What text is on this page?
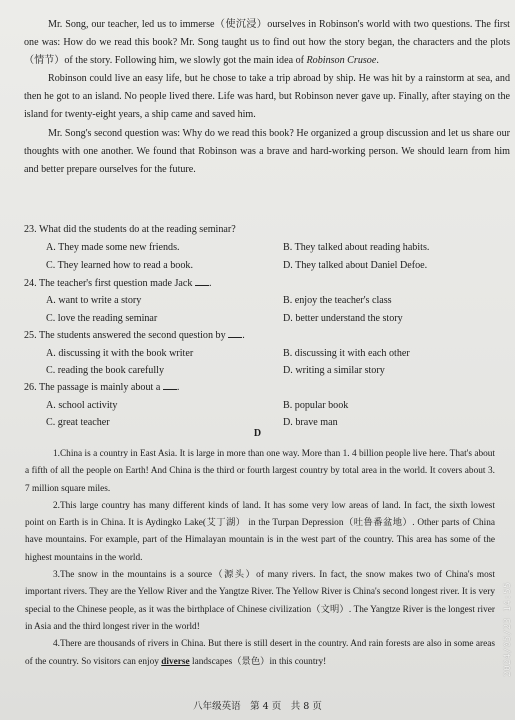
Mr. Song, our teacher, led us to immerse（使沉浸）ourselves in Robinson's world with two questions. The first one was: How do we read this book? Mr. Song taught us to find out how the story began, the characters and the plots（情节）of the story. Following him, we slowly got the main idea of Robinson Crusoe.

Robinson could live an easy life, but he chose to take a trip abroad by ship. He was hit by a rainstorm at sea, and then he got to an island. No people lived there. Life was hard, but Robinson never gave up. Finally, after staying on the island for twenty-eight years, a ship came and saved him.

Mr. Song's second question was: Why do we read this book? He organized a group discussion and let us share our thoughts with one another. We found that Robinson was a brave and hard-working person. We should learn from him and better prepare ourselves for the future.

23. What did the students do at the reading seminar?
A. They made some new friends.	B. They talked about reading habits.
C. They learned how to read a book.	D. They talked about Daniel Defoe.
24. The teacher's first question made Jack .
A. want to write a story	B. enjoy the teacher's class
C. love the reading seminar	D. better understand the story
25. The students answered the second question by .
A. discussing it with the book writer	B. discussing it with each other
C. reading the book carefully	D. writing a similar story
26. The passage is mainly about a .
A. school activity	B. popular book
C. great teacher	D. brave man
D

1.China is a country in East Asia. It is large in more than one way. More than 1. 4 billion people live here. That's about a fifth of all the people on Earth! And China is the third or fourth largest country by total area in the world. It covers about 3. 7 million square miles.

2.This large country has many different kinds of land. It has some very low areas of land. In fact, the sixth lowest point on Earth is in China. It is Aydingko Lake(艾丁湖） in the Turpan Depression（吐鲁番盆地）. Other parts of China have mountains. For example, part of the Himalayan mountain is in the west part of the country. This area has some of the highest mountains in the world.

3.The snow in the mountains is a source（源头）of many rivers. In fact, the snow makes two of China's most important rivers. They are the Yellow River and the Yangtze River. The Yellow River is China's second longest river. It is very special to the Chinese people, as it was the birthplace of Chinese civilization（文明）. The Yangtze River is the longest river in Asia and the third longest river in the world!

4.There are thousands of rivers in China. But there is still desert in the country. And rain forests are also in some areas of the country. So visitors can enjoy diverse landscapes（景色）in this country!

八年级英语　第 4 页　共 8 页
2024/05/23 14:55
